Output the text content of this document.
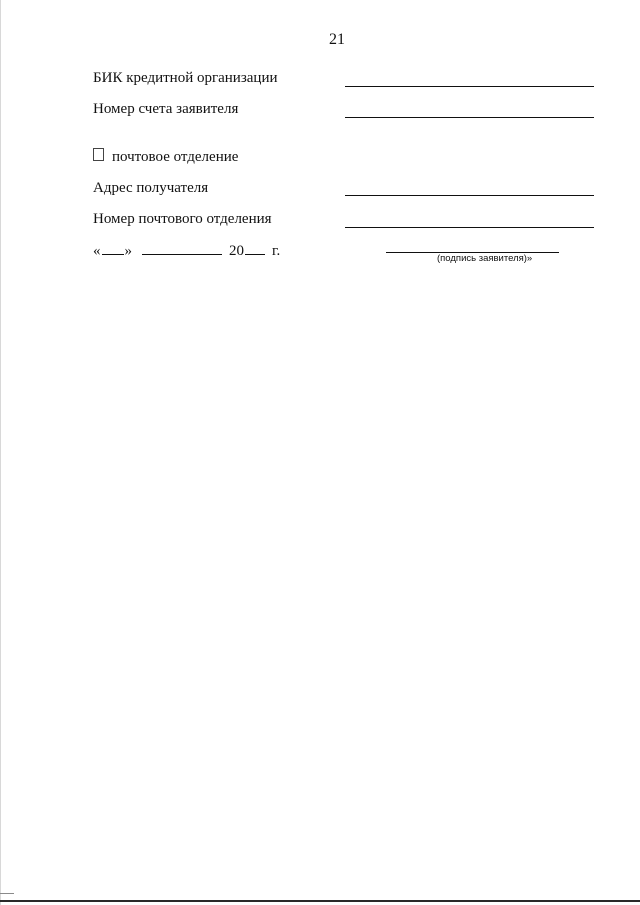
21
БИК кредитной организации
Номер счета заявителя
почтовое отделение
Адрес получателя
Номер почтового отделения
« »	20 г.	(подпись заявителя)»
